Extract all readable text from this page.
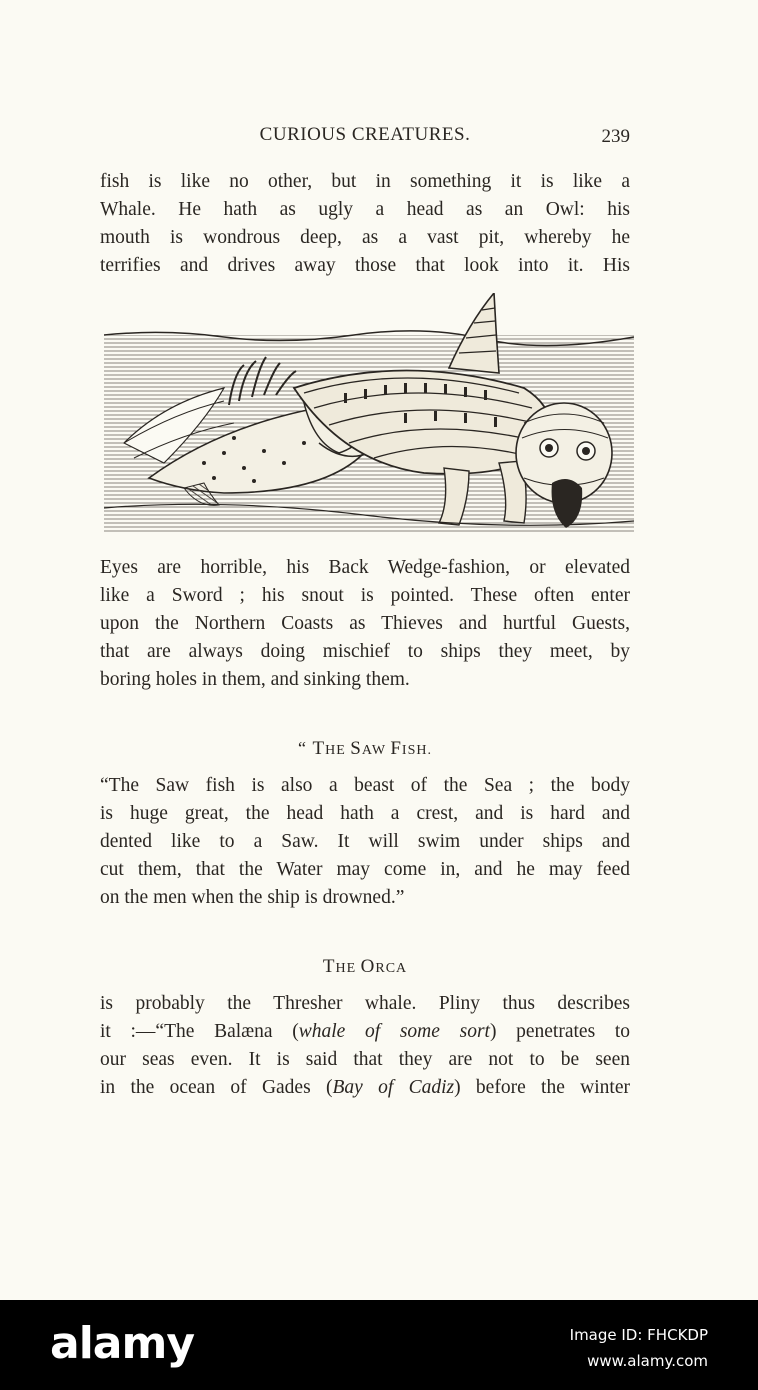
CURIOUS CREATURES.	239

fish is like no other, but in something it is like a
Whale. He hath as ugly a head as an Owl: his
mouth is wondrous deep, as a vast pit, whereby he
terrifies and drives away those that look into it. His

Eyes are horrible, his Back Wedge-fashion, or elevated
like a Sword ; his snout is pointed. These often enter
upon the Northern Coasts as Thieves and hurtful Guests,
that are always doing mischief to ships they meet, by
boring holes in them, and sinking them.

“ THE SAW FISH.

“The Saw fish is also a beast of the Sea ; the body
is huge great, the head hath a crest, and is hard and
dented like to a Saw. It will swim under ships and
cut them, that the Water may come in, and he may feed
on the men when the ship is drowned.”

THE ORCA

is probably the Thresher whale. Pliny thus describes
it :—“The Balæna (whale of some sort) penetrates to
our seas even. It is said that they are not to be seen
in the ocean of Gades (Bay of Cadiz) before the winter

alamy	Image ID: FHCKDP
www.alamy.com
